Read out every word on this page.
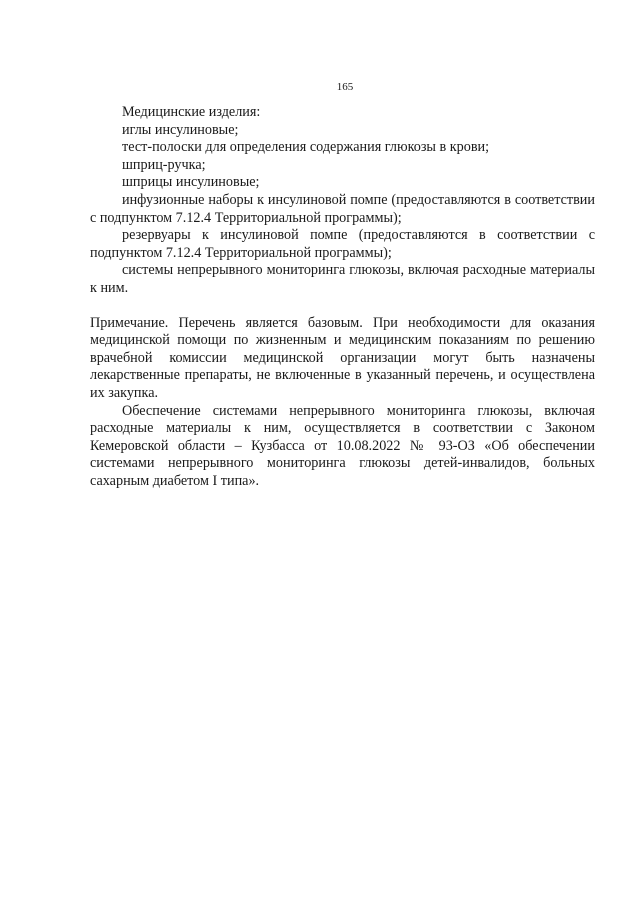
165

Медицинские изделия:

иглы инсулиновые;

тест-полоски для определения содержания глюкозы в крови;

шприц-ручка;

шприцы инсулиновые;

инфузионные наборы к инсулиновой помпе (предоставляются в соответствии с подпунктом 7.12.4 Территориальной программы);

резервуары к инсулиновой помпе (предоставляются в соответствии с подпунктом 7.12.4 Территориальной программы);

системы непрерывного мониторинга глюкозы, включая расходные материалы к ним.

Примечание. Перечень является базовым. При необходимости для оказания медицинской помощи по жизненным и медицинским показаниям по решению врачебной комиссии медицинской организации могут быть назначены лекарственные препараты, не включенные в указанный перечень, и осуществлена их закупка.

Обеспечение системами непрерывного мониторинга глюкозы, включая расходные материалы к ним, осуществляется в соответствии с Законом Кемеровской области – Кузбасса от 10.08.2022 № 93-ОЗ «Об обеспечении системами непрерывного мониторинга глюкозы детей-инвалидов, больных сахарным диабетом I типа».
